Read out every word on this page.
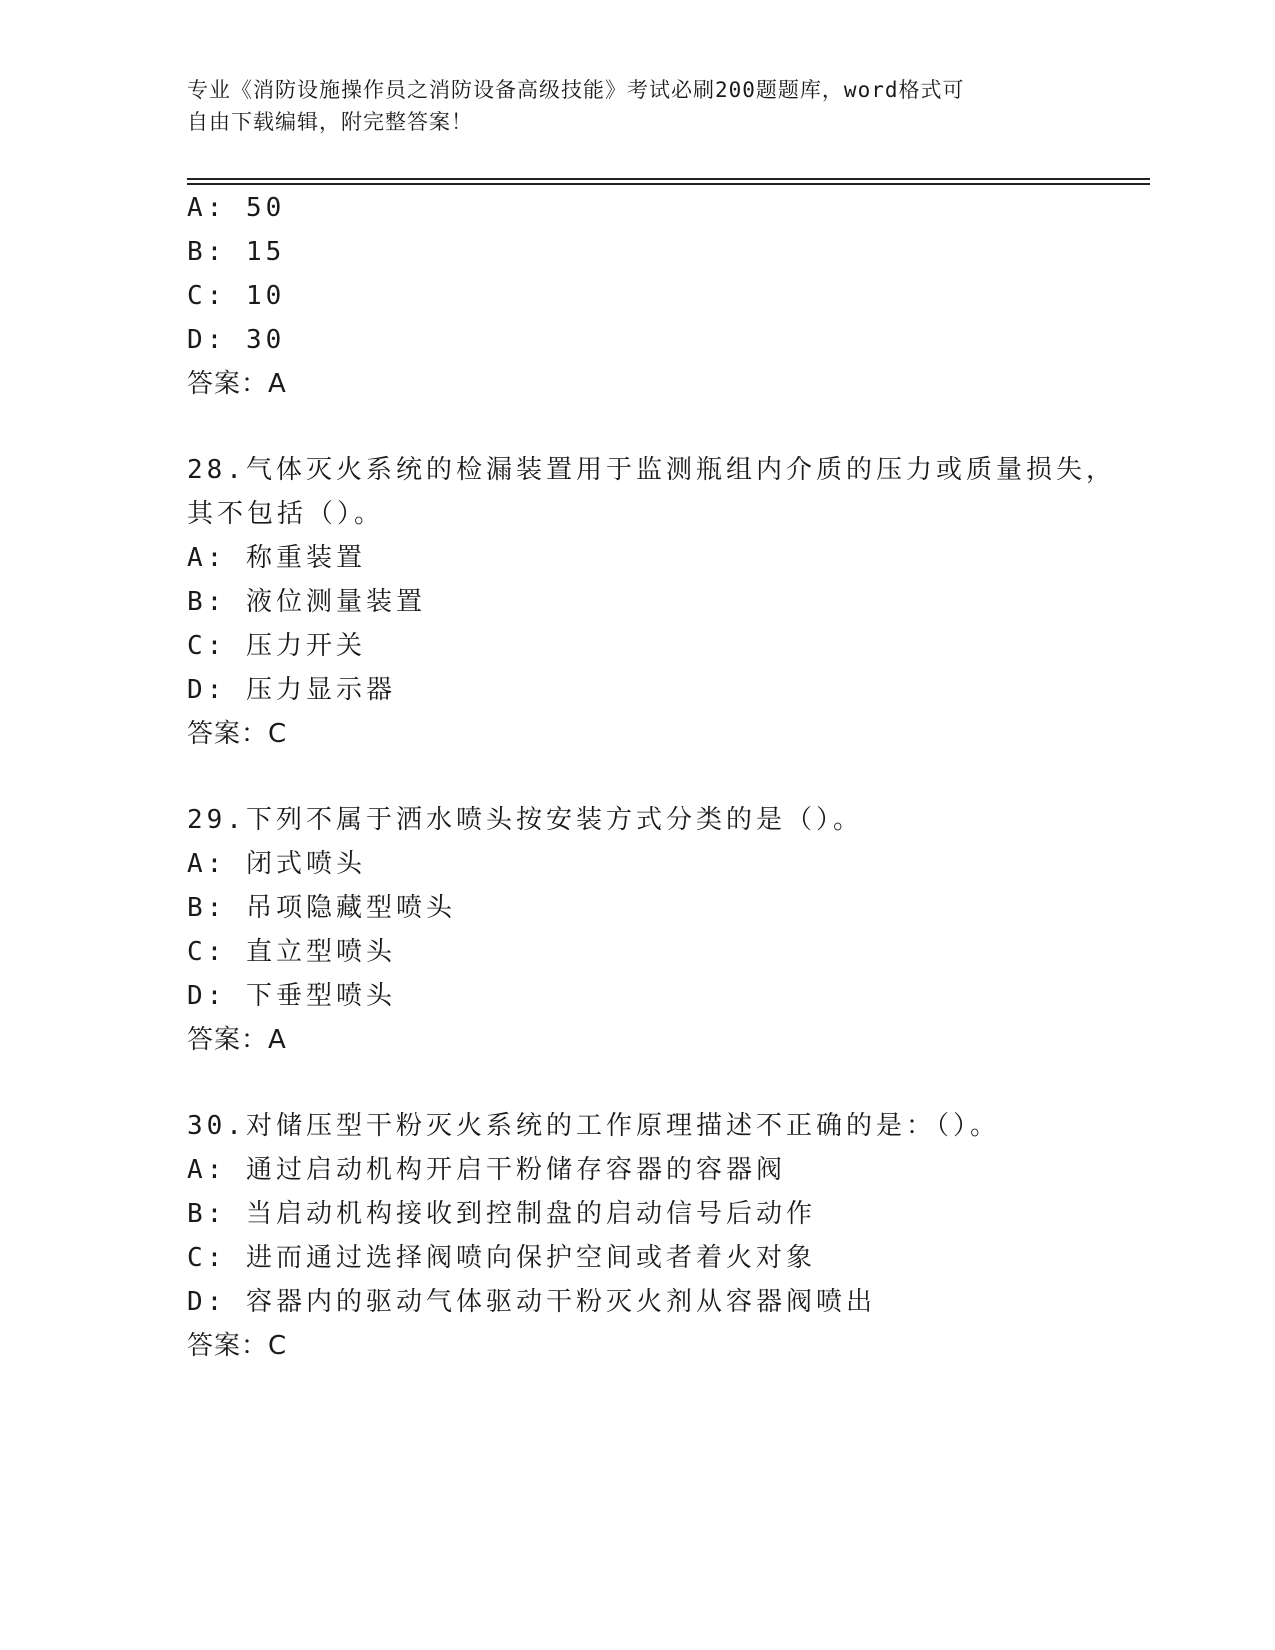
专业《消防设施操作员之消防设备高级技能》考试必刷200题题库，word格式可
自由下载编辑，附完整答案！
A: 50
B: 15
C: 10
D: 30
答案：A
28.气体灭火系统的检漏装置用于监测瓶组内介质的压力或质量损失，
其不包括（）。
A: 称重装置
B: 液位测量装置
C: 压力开关
D: 压力显示器
答案：C
29.下列不属于洒水喷头按安装方式分类的是（）。
A: 闭式喷头
B: 吊项隐藏型喷头
C: 直立型喷头
D: 下垂型喷头
答案：A
30.对储压型干粉灭火系统的工作原理描述不正确的是：（）。
A: 通过启动机构开启干粉储存容器的容器阀
B: 当启动机构接收到控制盘的启动信号后动作
C: 进而通过选择阀喷向保护空间或者着火对象
D: 容器内的驱动气体驱动干粉灭火剂从容器阀喷出
答案：C
